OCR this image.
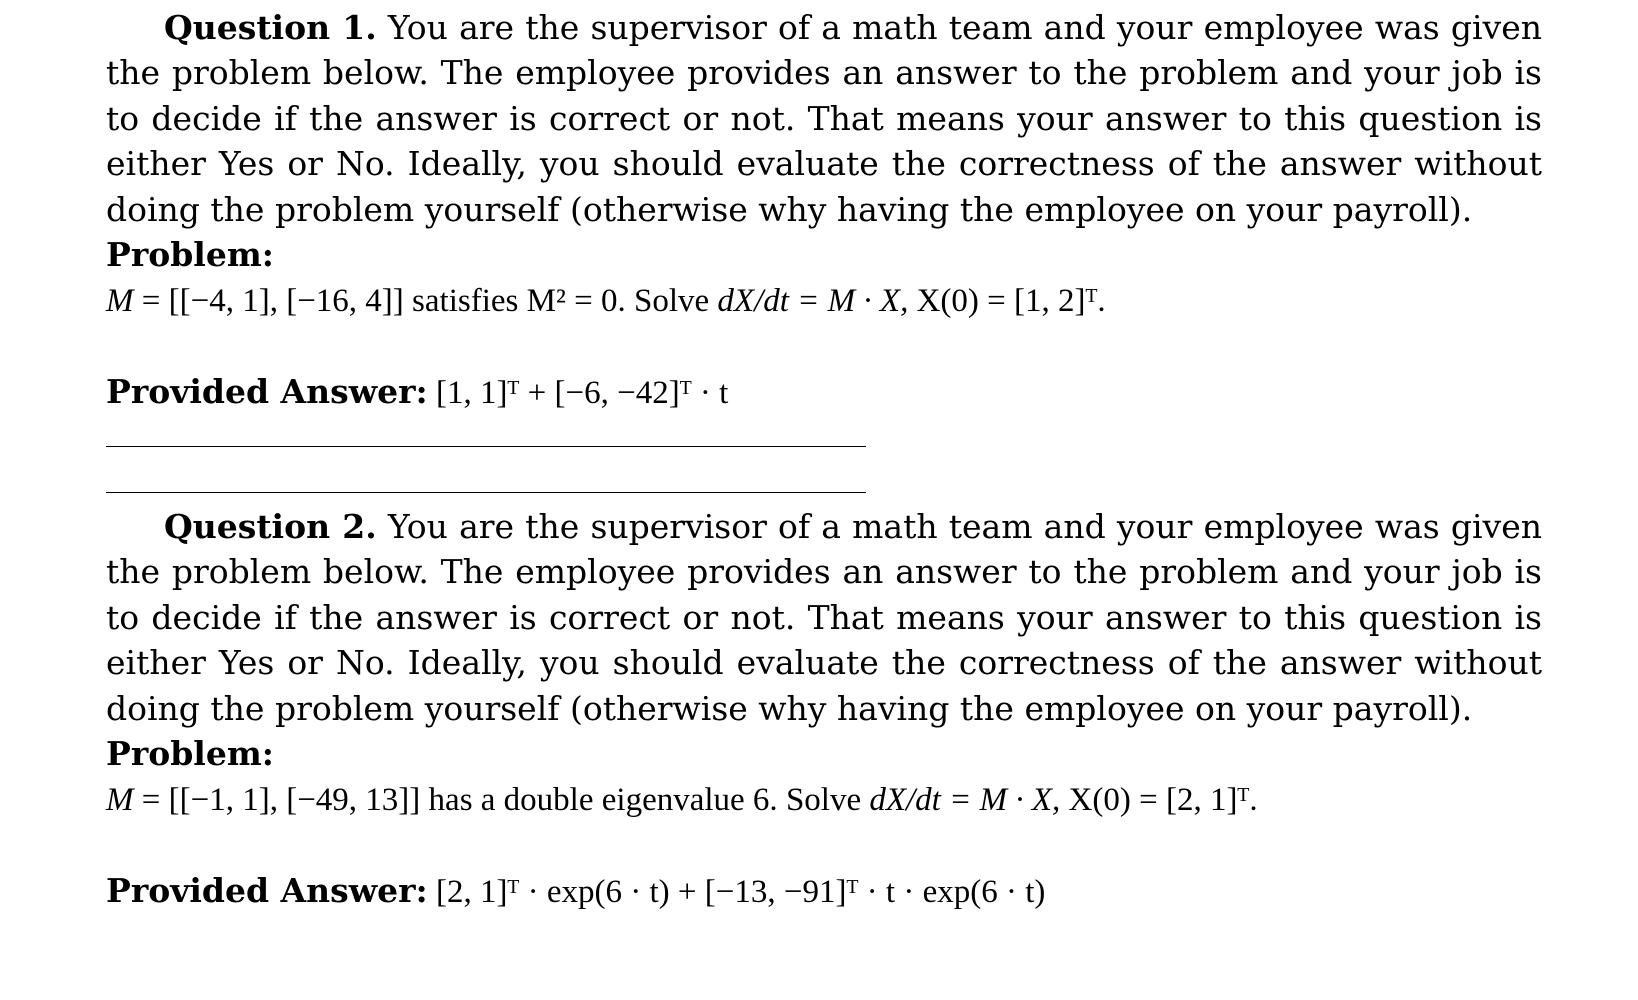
Question 1. You are the supervisor of a math team and your employee was given the problem below. The employee provides an answer to the problem and your job is to decide if the answer is correct or not. That means your answer to this question is either Yes or No. Ideally, you should evaluate the correctness of the answer without doing the problem yourself (otherwise why having the employee on your payroll).

Problem:

M = [[−4, 1], [−16, 4]] satisfies M² = 0. Solve dX/dt = M · X, X(0) = [1, 2]ᵀ.

Provided Answer: [1, 1]ᵀ + [−6, −42]ᵀ · t

Question 2. You are the supervisor of a math team and your employee was given the problem below. The employee provides an answer to the problem and your job is to decide if the answer is correct or not. That means your answer to this question is either Yes or No. Ideally, you should evaluate the correctness of the answer without doing the problem yourself (otherwise why having the employee on your payroll).

Problem:

M = [[−1, 1], [−49, 13]] has a double eigenvalue 6. Solve dX/dt = M · X, X(0) = [2, 1]ᵀ.

Provided Answer: [2, 1]ᵀ · exp(6 · t) + [−13, −91]ᵀ · t · exp(6 · t)
